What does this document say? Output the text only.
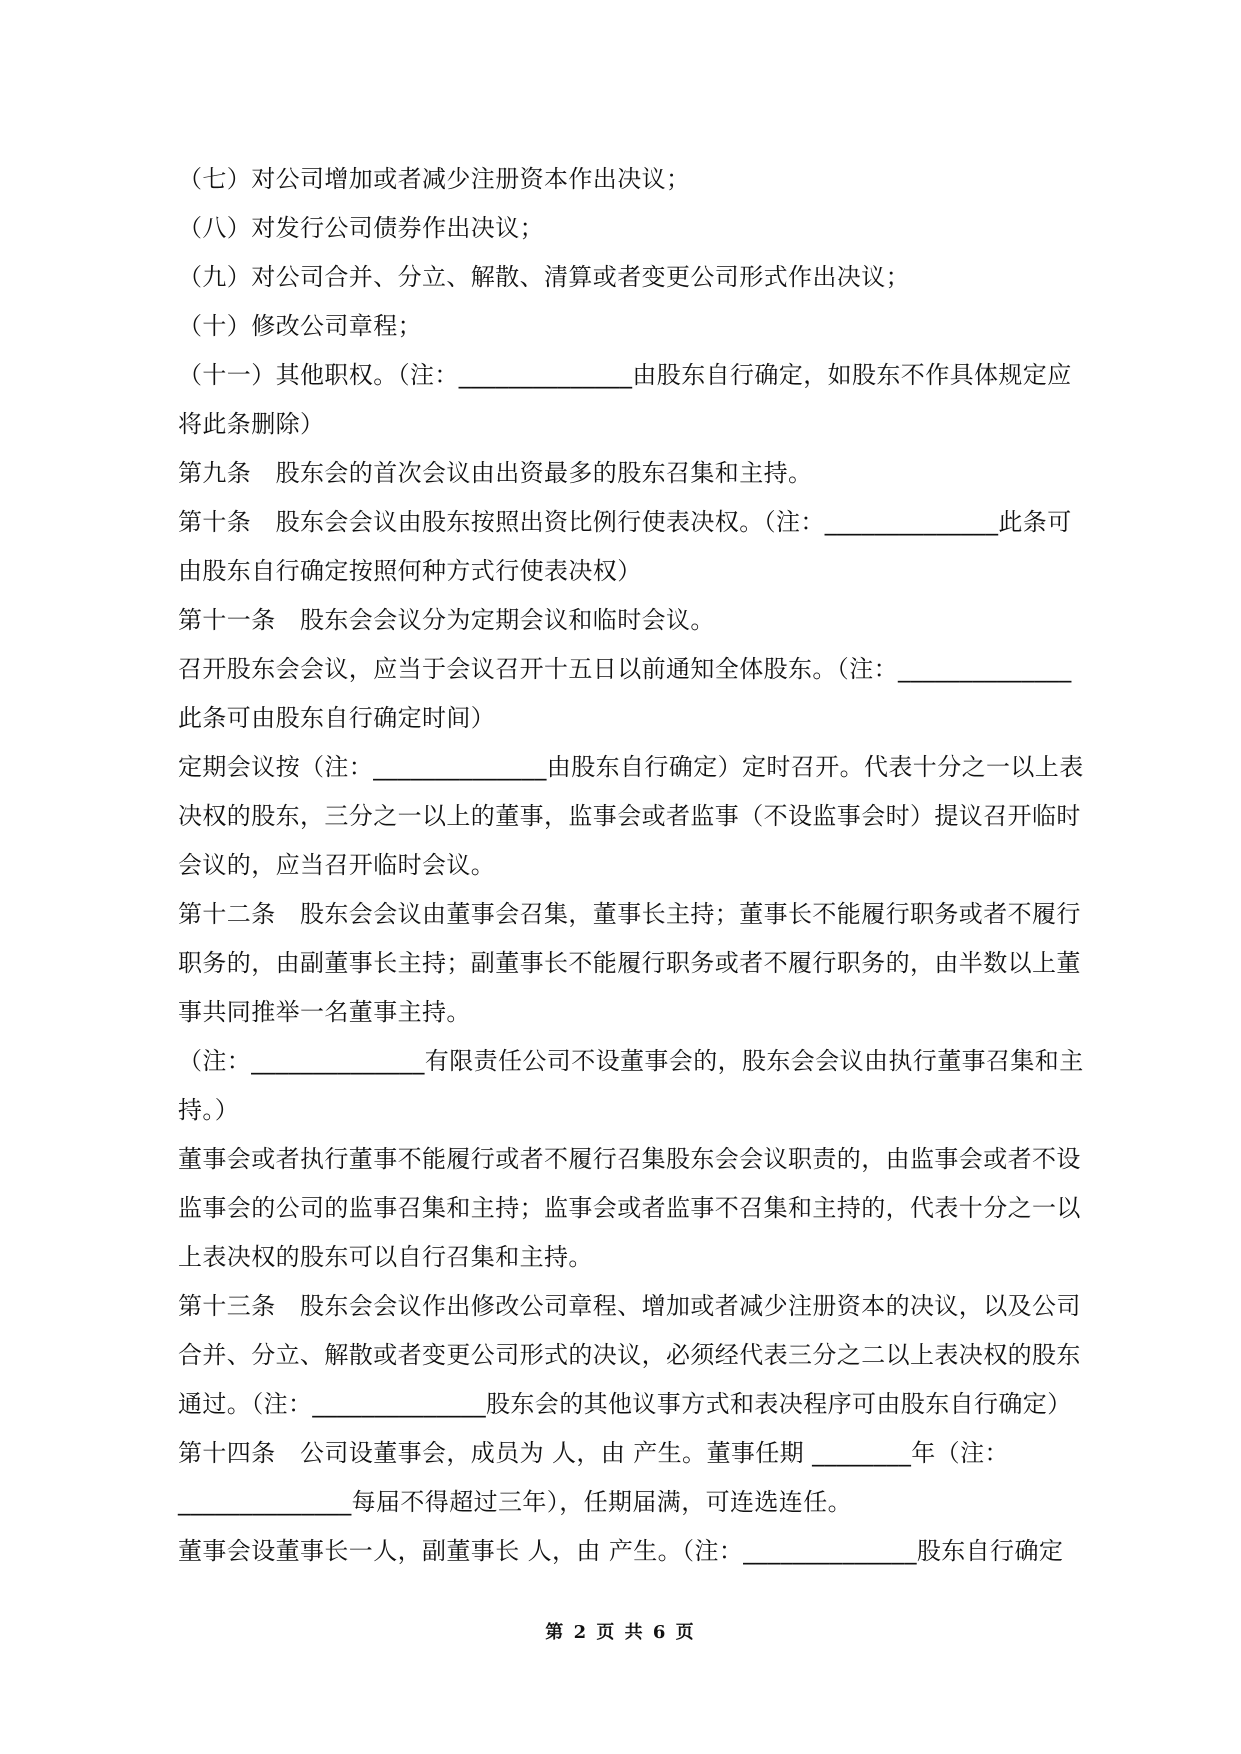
（七）对公司增加或者减少注册资本作出决议；

（八）对发行公司债券作出决议；

（九）对公司合并、分立、解散、清算或者变更公司形式作出决议；

（十）修改公司章程；

（十一）其他职权。（注：______________由股东自行确定，如股东不作具体规定应将此条删除）

第九条　股东会的首次会议由出资最多的股东召集和主持。

第十条　股东会会议由股东按照出资比例行使表决权。（注：______________此条可由股东自行确定按照何种方式行使表决权）

第十一条　股东会会议分为定期会议和临时会议。

召开股东会会议，应当于会议召开十五日以前通知全体股东。（注：______________此条可由股东自行确定时间）

定期会议按（注：______________由股东自行确定）定时召开。代表十分之一以上表决权的股东，三分之一以上的董事，监事会或者监事（不设监事会时）提议召开临时会议的，应当召开临时会议。

第十二条　股东会会议由董事会召集，董事长主持；董事长不能履行职务或者不履行职务的，由副董事长主持；副董事长不能履行职务或者不履行职务的，由半数以上董事共同推举一名董事主持。

（注：______________有限责任公司不设董事会的，股东会会议由执行董事召集和主持。）

董事会或者执行董事不能履行或者不履行召集股东会会议职责的，由监事会或者不设监事会的公司的监事召集和主持；监事会或者监事不召集和主持的，代表十分之一以上表决权的股东可以自行召集和主持。

第十三条　股东会会议作出修改公司章程、增加或者减少注册资本的决议，以及公司合并、分立、解散或者变更公司形式的决议，必须经代表三分之二以上表决权的股东通过。（注：______________股东会的其他议事方式和表决程序可由股东自行确定）

第十四条　公司设董事会，成员为 人，由 产生。董事任期 ________年（注：______________每届不得超过三年），任期届满，可连选连任。

董事会设董事长一人，副董事长 人，由 产生。（注：______________股东自行确定

第 2 页 共 6 页
